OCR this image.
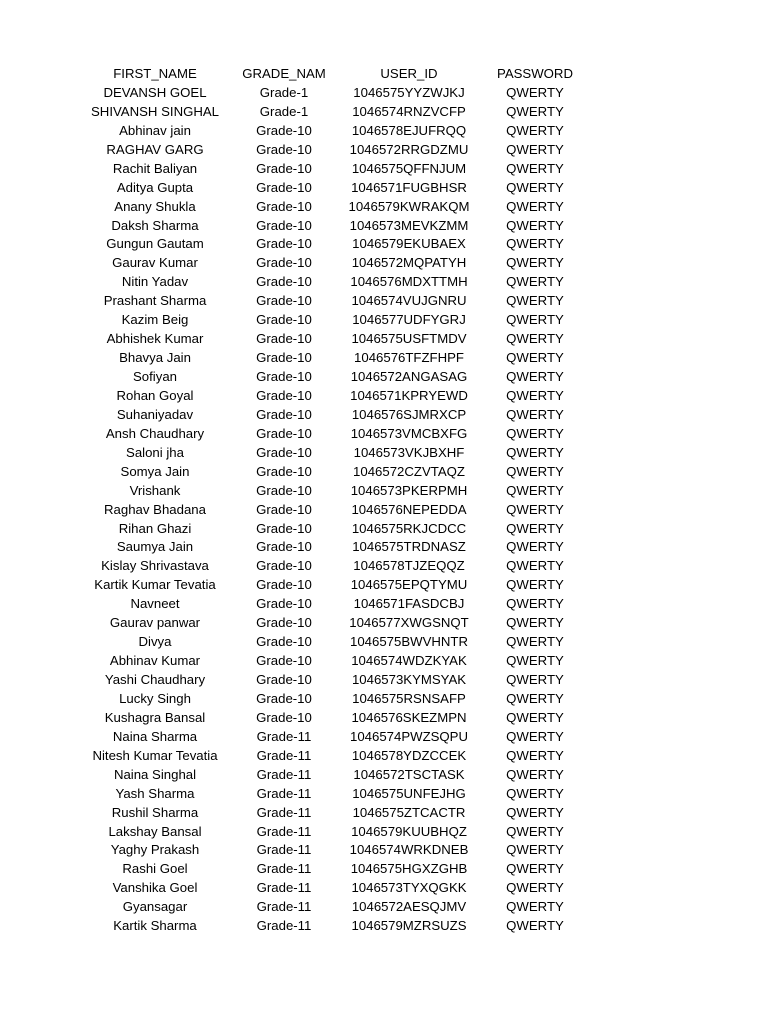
FIRST_NAME	GRADE_NAM	USER_ID	PASSWORD
DEVANSH GOEL	Grade-1	1046575YYZWJKJ	QWERTY
SHIVANSH SINGHAL	Grade-1	1046574RNZVCFP	QWERTY
Abhinav jain	Grade-10	1046578EJUFRQQ	QWERTY
RAGHAV GARG	Grade-10	1046572RRGDZMU	QWERTY
Rachit Baliyan	Grade-10	1046575QFFNJUM	QWERTY
Aditya Gupta	Grade-10	1046571FUGBHSR	QWERTY
Anany Shukla	Grade-10	1046579KWRAKQM	QWERTY
Daksh Sharma	Grade-10	1046573MEVKZMM	QWERTY
Gungun Gautam	Grade-10	1046579EKUBAEX	QWERTY
Gaurav Kumar	Grade-10	1046572MQPATYH	QWERTY
Nitin Yadav	Grade-10	1046576MDXTTMH	QWERTY
Prashant Sharma	Grade-10	1046574VUJGNRU	QWERTY
Kazim Beig	Grade-10	1046577UDFYGRJ	QWERTY
Abhishek Kumar	Grade-10	1046575USFTMDV	QWERTY
Bhavya Jain	Grade-10	1046576TFZFHPF	QWERTY
Sofiyan	Grade-10	1046572ANGASAG	QWERTY
Rohan Goyal	Grade-10	1046571KPRYEWD	QWERTY
Suhaniyadav	Grade-10	1046576SJMRXCP	QWERTY
Ansh Chaudhary	Grade-10	1046573VMCBXFG	QWERTY
Saloni jha	Grade-10	1046573VKJBXHF	QWERTY
Somya Jain	Grade-10	1046572CZVTAQZ	QWERTY
Vrishank	Grade-10	1046573PKERPMH	QWERTY
Raghav Bhadana	Grade-10	1046576NEPEDDA	QWERTY
Rihan Ghazi	Grade-10	1046575RKJCDCC	QWERTY
Saumya Jain	Grade-10	1046575TRDNASZ	QWERTY
Kislay Shrivastava	Grade-10	1046578TJZEQQZ	QWERTY
Kartik Kumar Tevatia	Grade-10	1046575EPQTYMU	QWERTY
Navneet	Grade-10	1046571FASDCBJ	QWERTY
Gaurav panwar	Grade-10	1046577XWGSNQT	QWERTY
Divya	Grade-10	1046575BWVHNTR	QWERTY
Abhinav Kumar	Grade-10	1046574WDZKYAK	QWERTY
Yashi Chaudhary	Grade-10	1046573KYMSYAK	QWERTY
Lucky Singh	Grade-10	1046575RSNSAFP	QWERTY
Kushagra Bansal	Grade-10	1046576SKEZMPN	QWERTY
Naina Sharma	Grade-11	1046574PWZSQPU	QWERTY
Nitesh Kumar Tevatia	Grade-11	1046578YDZCCEK	QWERTY
Naina Singhal	Grade-11	1046572TSCTASK	QWERTY
Yash Sharma	Grade-11	1046575UNFEJHG	QWERTY
Rushil Sharma	Grade-11	1046575ZTCACTR	QWERTY
Lakshay Bansal	Grade-11	1046579KUUBHQZ	QWERTY
Yaghy Prakash	Grade-11	1046574WRKDNEB	QWERTY
Rashi Goel	Grade-11	1046575HGXZGHB	QWERTY
Vanshika Goel	Grade-11	1046573TYXQGKK	QWERTY
Gyansagar	Grade-11	1046572AESQJMV	QWERTY
Kartik Sharma	Grade-11	1046579MZRSUZS	QWERTY
